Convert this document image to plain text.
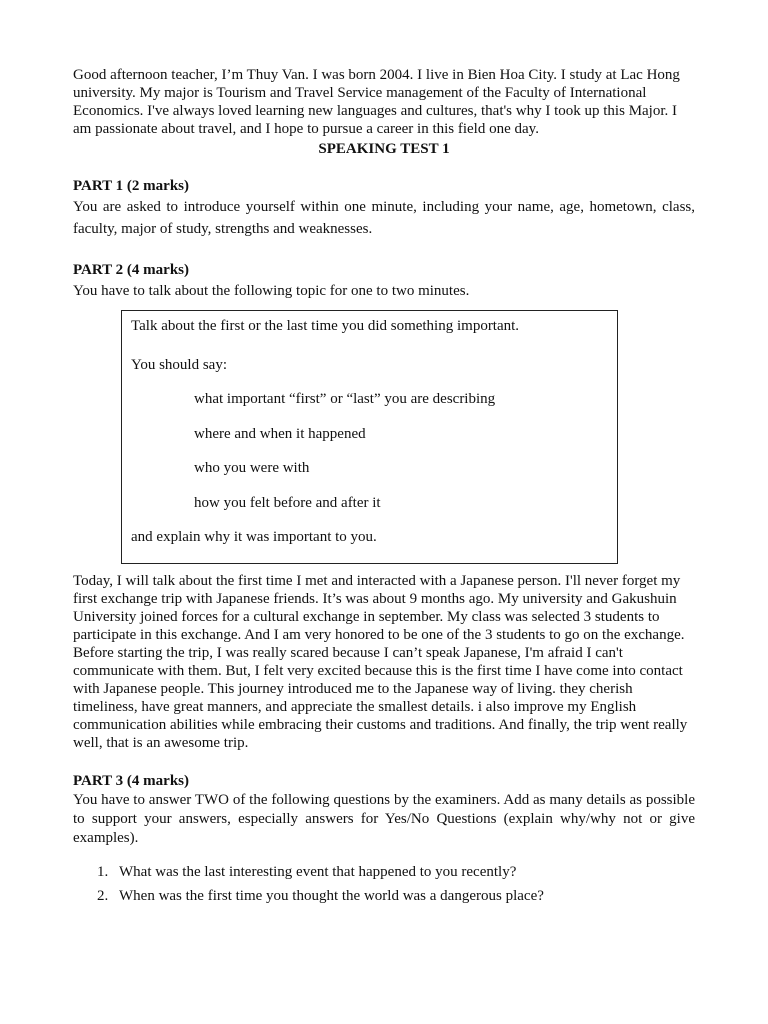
Good afternoon teacher, I’m Thuy Van. I was born 2004. I live in Bien Hoa City. I study at Lac Hong university. My major is Tourism and Travel Service management of the Faculty of International Economics. I've always loved learning new languages and cultures, that's why I took up this Major. I am passionate about travel, and I hope to pursue a career in this field one day.

SPEAKING TEST 1

PART 1 (2 marks)

You are asked to introduce yourself within one minute, including your name, age, hometown, class, faculty, major of study, strengths and weaknesses.

PART 2 (4 marks)

You have to talk about the following topic for one to two minutes.

Talk about the first or the last time you did something important.

You should say:

what important “first” or “last” you are describing

where and when it happened

who you were with

how you felt before and after it

and explain why it was important to you.

Today, I will talk about the first time I met and interacted with a Japanese person. I'll never forget my first exchange trip with Japanese friends. It’s was about 9 months ago. My university and Gakushuin University joined forces for a cultural exchange in september. My class was selected 3 students to participate in this exchange. And I am very honored to be one of the 3 students to go on the exchange. Before starting the trip, I was really scared because I can’t speak Japanese, I'm afraid I can't communicate with them. But, I felt very excited because this is the first time I have come into contact with Japanese people. This journey introduced me to the Japanese way of living. they cherish timeliness, have great manners, and appreciate the smallest details. i also improve my English communication abilities while embracing their customs and traditions. And finally, the trip went really well, that is an awesome trip.

PART 3 (4 marks)

You have to answer TWO of the following questions by the examiners. Add as many details as possible to support your answers, especially answers for Yes/No Questions (explain why/why not or give examples).

1. What was the last interesting event that happened to you recently?
2. When was the first time you thought the world was a dangerous place?
